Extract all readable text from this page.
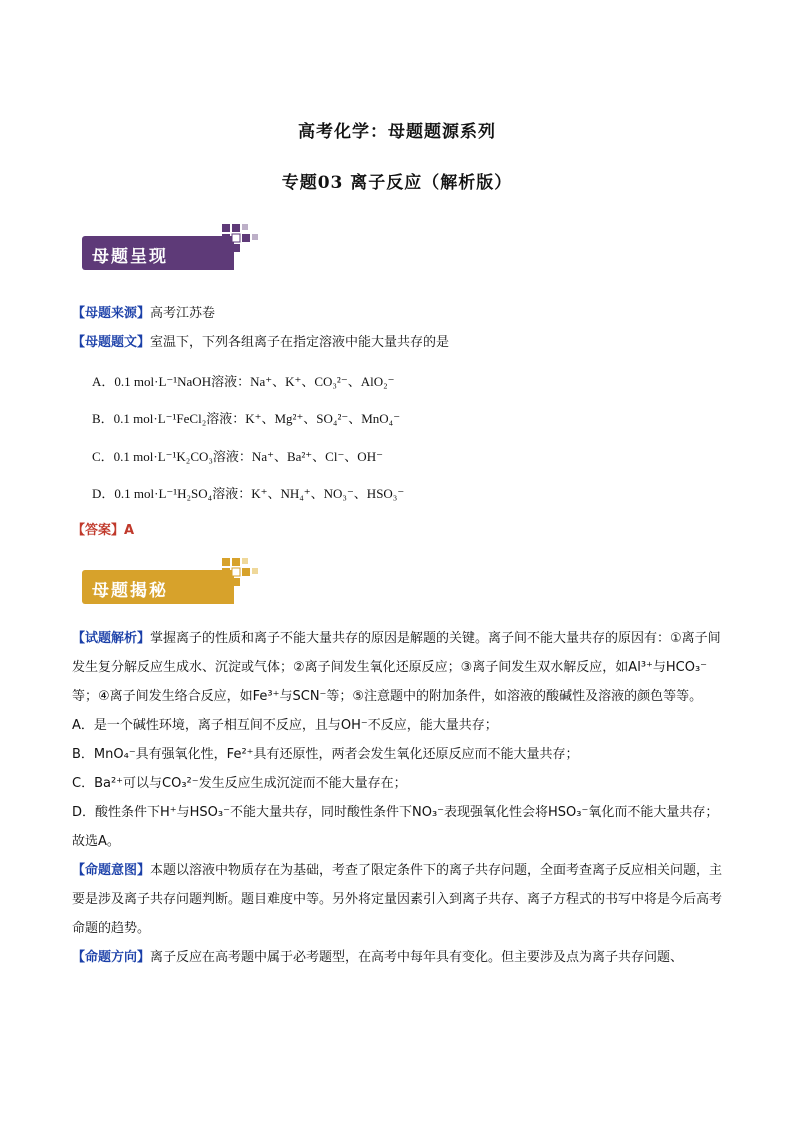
高考化学：母题题源系列
专题03 离子反应（解析版）
母题呈现
【母题来源】高考江苏卷
【母题题文】室温下，下列各组离子在指定溶液中能大量共存的是
A．0.1 mol·L⁻¹NaOH溶液：Na⁺、K⁺、CO₃²⁻、AlO₂⁻
B．0.1 mol·L⁻¹FeCl₂溶液：K⁺、Mg²⁺、SO₄²⁻、MnO₄⁻
C．0.1 mol·L⁻¹K₂CO₃溶液：Na⁺、Ba²⁺、Cl⁻、OH⁻
D．0.1 mol·L⁻¹H₂SO₄溶液：K⁺、NH₄⁺、NO₃⁻、HSO₃⁻
【答案】A
母题揭秘

【试题解析】掌握离子的性质和离子不能大量共存的原因是解题的关键。离子间不能大量共存的原因有：①离子间发生复分解反应生成水、沉淀或气体；②离子间发生氧化还原反应；③离子间发生双水解反应，如Al³⁺与HCO₃⁻等；④离子间发生络合反应，如Fe³⁺与SCN⁻等；⑤注意题中的附加条件，如溶液的酸碱性及溶液的颜色等等。

A．是一个碱性环境，离子相互间不反应，且与OH⁻不反应，能大量共存；

B．MnO₄⁻具有强氧化性，Fe²⁺具有还原性，两者会发生氧化还原反应而不能大量共存；

C．Ba²⁺可以与CO₃²⁻发生反应生成沉淀而不能大量存在；

D．酸性条件下H⁺与HSO₃⁻不能大量共存，同时酸性条件下NO₃⁻表现强氧化性会将HSO₃⁻氧化而不能大量共存；故选A。

【命题意图】本题以溶液中物质存在为基础，考查了限定条件下的离子共存问题，全面考查离子反应相关问题，主要是涉及离子共存问题判断。题目难度中等。另外将定量因素引入到离子共存、离子方程式的书写中将是今后高考命题的趋势。

【命题方向】离子反应在高考题中属于必考题型，在高考中每年具有变化。但主要涉及点为离子共存问题、
